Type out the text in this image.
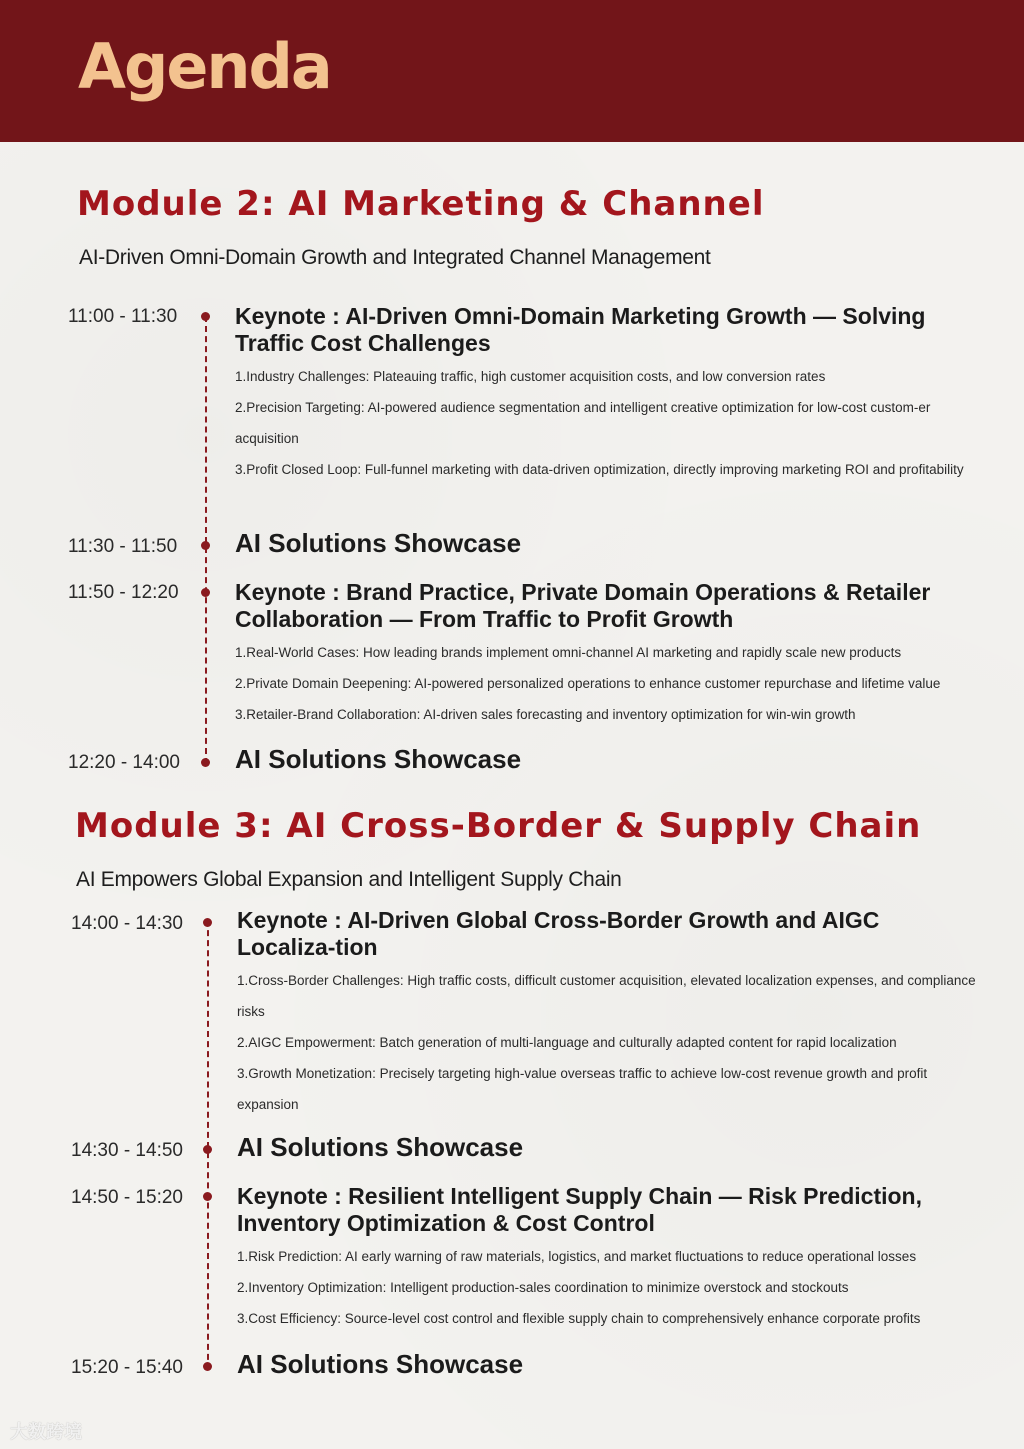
Agenda
Module 2: AI Marketing & Channel
AI-Driven Omni-Domain Growth and Integrated Channel Management
11:00 - 11:30	Keynote : AI-Driven Omni-Domain Marketing Growth — Solving Traffic Cost Challenges
1.Industry Challenges: Plateauing traffic, high customer acquisition costs, and low conversion rates
2.Precision Targeting: AI-powered audience segmentation and intelligent creative optimization for low-cost custom-er acquisition
3.Profit Closed Loop: Full-funnel marketing with data-driven optimization, directly improving marketing ROI and profitability
11:30 - 11:50 AI Solutions Showcase
11:50 - 12:20 Keynote : Brand Practice, Private Domain Operations & Retailer Collaboration — From Traffic to Profit Growth
1.Real-World Cases: How leading brands implement omni-channel AI marketing and rapidly scale new products
2.Private Domain Deepening: AI-powered personalized operations to enhance customer repurchase and lifetime value
3.Retailer-Brand Collaboration: AI-driven sales forecasting and inventory optimization for win-win growth
12:20 - 14:00 AI Solutions Showcase
Module 3: AI Cross-Border & Supply Chain
AI Empowers Global Expansion and Intelligent Supply Chain
14:00 - 14:30 Keynote : AI-Driven Global Cross-Border Growth and AIGC Localiza-tion
1.Cross-Border Challenges: High traffic costs, difficult customer acquisition, elevated localization expenses, and compliance risks
2.AIGC Empowerment: Batch generation of multi-language and culturally adapted content for rapid localization
3.Growth Monetization: Precisely targeting high-value overseas traffic to achieve low-cost revenue growth and profit expansion
14:30 - 14:50 AI Solutions Showcase
14:50 - 15:20 Keynote : Resilient Intelligent Supply Chain — Risk Prediction, Inventory Optimization & Cost Control
1.Risk Prediction: AI early warning of raw materials, logistics, and market fluctuations to reduce operational losses
2.Inventory Optimization: Intelligent production-sales coordination to minimize overstock and stockouts
3.Cost Efficiency: Source-level cost control and flexible supply chain to comprehensively enhance corporate profits
15:20 - 15:40 AI Solutions Showcase
大数跨境
